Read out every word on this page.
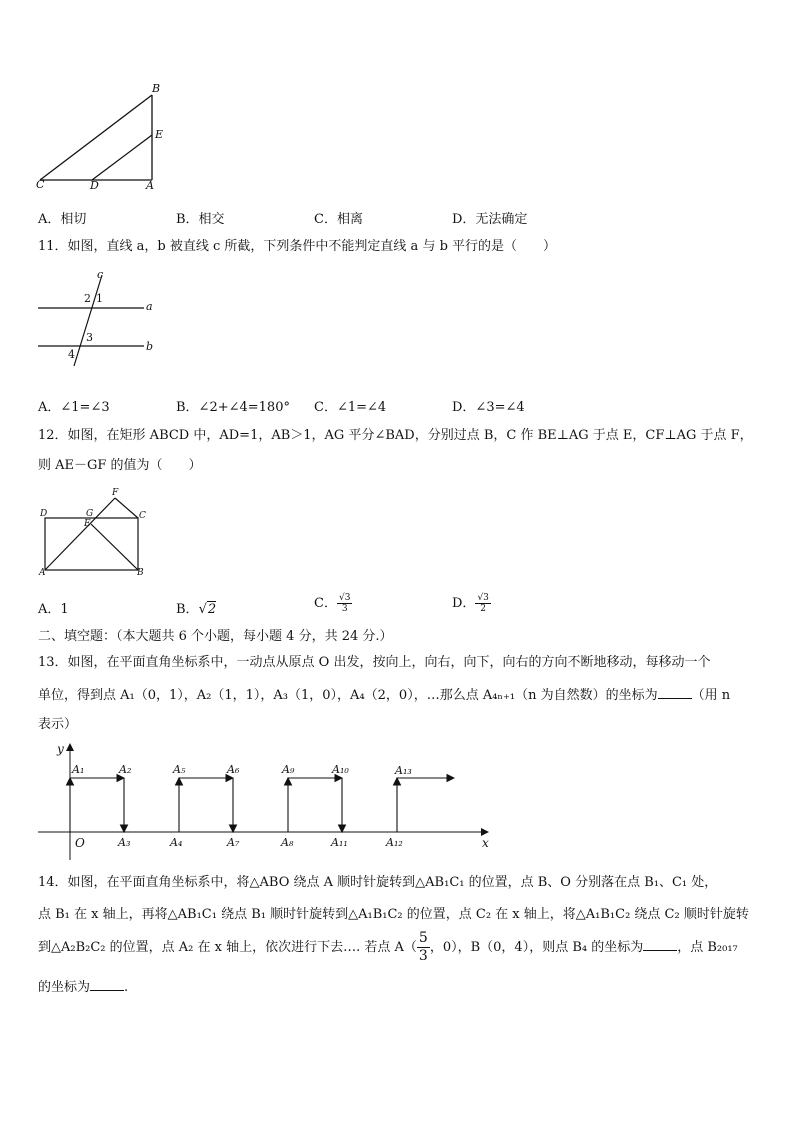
B
E
C	D	A
A．相切	B．相交	C．相离	D．无法确定
11．如图，直线 a，b 被直线 c 所截，下列条件中不能判定直线 a 与 b 平行的是（　　）
c
a
b
1
2
3
4
A．∠1=∠3	B．∠2+∠4=180° C．∠1=∠4	D．∠3=∠4
12．如图，在矩形 ABCD 中，AD=1，AB＞1，AG 平分∠BAD，分别过点 B，C 作 BE⊥AG 于点 E，CF⊥AG 于点 F，
则 AE－GF 的值为（　　）
F
D	G
E
C
A	B
A．1	B．√2	C． $\frac{√3}{3}$	D． $\frac{√3}{2}$
二、填空题：（本大题共 6 个小题，每小题 4 分，共 24 分.）
13．如图，在平面直角坐标系中，一动点从原点 O 出发，按向上，向右，向下，向右的方向不断地移动，每移动一个
单位，得到点 A₁（0，1），A₂（1，1），A₃（1，0），A₄（2，0），…那么点 A₄ₙ₊₁（n 为自然数）的坐标为	（用 n
表示）
y
x
O
A₁	A₂	A₅	A₆	A₉	A₁₀	A₁₃
A₃	A₄	A₇	A₈	A₁₁	A₁₂
14．如图，在平面直角坐标系中，将△ABO 绕点 A 顺时针旋转到△AB₁C₁ 的位置，点 B、O 分别落在点 B₁、C₁ 处，
点 B₁ 在 x 轴上，再将△AB₁C₁ 绕点 B₁ 顺时针旋转到△A₁B₁C₂ 的位置，点 C₂ 在 x 轴上，将△A₁B₁C₂ 绕点 C₂ 顺时针旋转
到△A₂B₂C₂ 的位置，点 A₂ 在 x 轴上，依次进行下去…. 若点 $A( \frac{5}{3}$ ，0），B（0，4），则点 B₄ 的坐标为	，点 B₂₀₁₇
的坐标为	.
